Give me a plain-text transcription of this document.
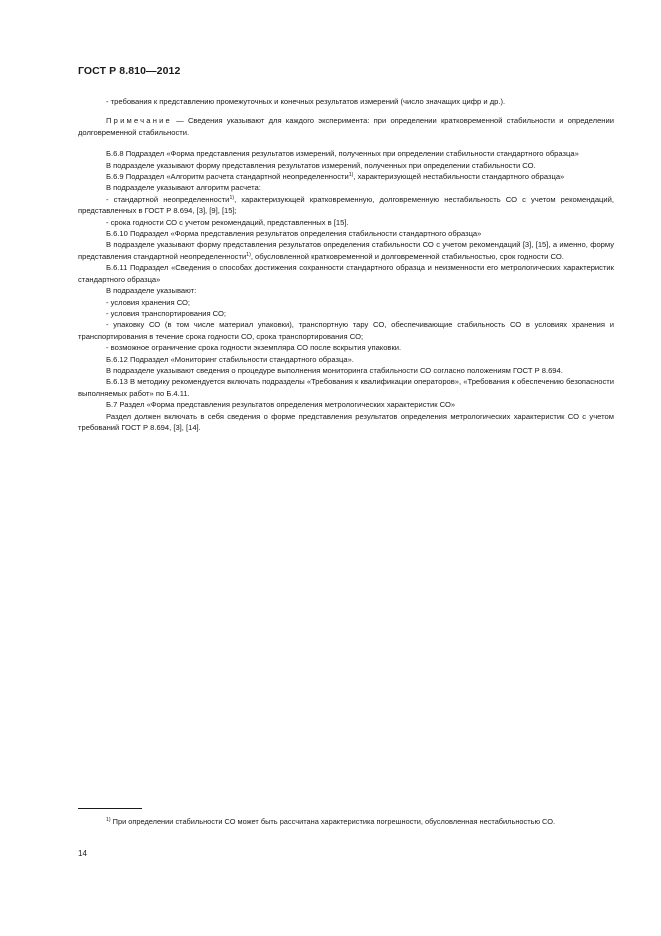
ГОСТ Р 8.810—2012

- требования к представлению промежуточных и конечных результатов измерений (число значащих цифр и др.).

Примечание — Сведения указывают для каждого эксперимента: при определении кратковременной стабильности и определении долговременной стабильности.

Б.6.8 Подраздел «Форма представления результатов измерений, полученных при определении стабильности стандартного образца»

В подразделе указывают форму представления результатов измерений, полученных при определении стабильности СО.

Б.6.9 Подраздел «Алгоритм расчета стандартной неопределенности$^{1)}$, характеризующей нестабильности стандартного образца»

В подразделе указывают алгоритм расчета:

- стандартной неопределенности$^{1)}$, характеризующей кратковременную, долговременную нестабильность СО с учетом рекомендаций, представленных в ГОСТ Р 8.694, [3], [9], [15];

- срока годности СО с учетом рекомендаций, представленных в [15].

Б.6.10 Подраздел «Форма представления результатов определения стабильности стандартного образца»

В подразделе указывают форму представления результатов определения стабильности СО с учетом рекомендаций [3], [15], а именно, форму представления стандартной неопределенности$^{1)}$, обусловленной кратковременной и долговременной стабильностью, срок годности СО.

Б.6.11 Подраздел «Сведения о способах достижения сохранности стандартного образца и неизменности его метрологических характеристик стандартного образца»

В подразделе указывают:

- условия хранения СО;

- условия транспортирования СО;

- упаковку СО (в том числе материал упаковки), транспортную тару СО, обеспечивающие стабильность СО в условиях хранения и транспортирования в течение срока годности СО, срока транспортирования СО;

- возможное ограничение срока годности экземпляра СО после вскрытия упаковки.

Б.6.12 Подраздел «Мониторинг стабильности стандартного образца».

В подразделе указывают сведения о процедуре выполнения мониторинга стабильности СО согласно положениям ГОСТ Р 8.694.

Б.6.13 В методику рекомендуется включать подразделы «Требования к квалификации операторов», «Требования к обеспечению безопасности выполняемых работ» по Б.4.11.

Б.7 Раздел «Форма представления результатов определения метрологических характеристик СО»

Раздел должен включать в себя сведения о форме представления результатов определения метрологических характеристик СО с учетом требований ГОСТ Р 8.694, [3], [14].

$^{1)}$ При определении стабильности СО может быть рассчитана характеристика погрешности, обусловленная нестабильностью СО.

14
